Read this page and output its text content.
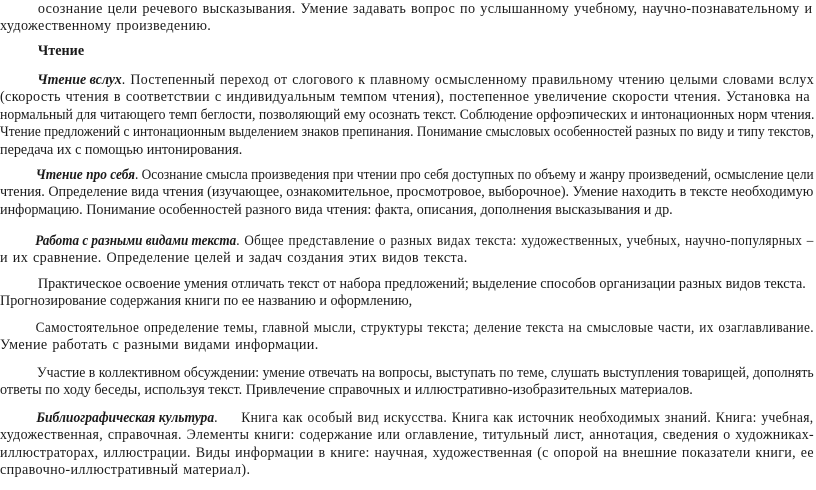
осознание цели речевого высказывания. Умение задавать вопрос по услышанному учебному, научно-познавательному и
художественному произведению.
Чтение
Чтение вслух. Постепенный переход от слогового к плавному осмысленному правильному чтению целыми словами вслух
(скорость чтения в соответствии с индивидуальным темпом чтения), постепенное увеличение скорости чтения. Установка на
нормальный для читающего темп беглости, позволяющий ему осознать текст. Соблюдение орфоэпических и интонационных норм чтения.
Чтение предложений с интонационным выделением знаков препинания. Понимание смысловых особенностей разных по виду и типу текстов,
передача их с помощью интонирования.
Чтение про себя. Осознание смысла произведения при чтении про себя доступных по объему и жанру произведений, осмысление цели
чтения. Определение вида чтения (изучающее, ознакомительное, просмотровое, выборочное). Умение находить в тексте необходимую
информацию. Понимание особенностей разного вида чтения: факта, описания, дополнения высказывания и др.
Работа с разными видами текста. Общее представление о разных видах текста: художественных, учебных, научно-популярных –
и их сравнение. Определение целей и задач создания этих видов текста.
Практическое освоение умения отличать текст от набора предложений; выделение способов организации разных видов текста.
Прогнозирование содержания книги по ее названию и оформлению,
Самостоятельное определение темы, главной мысли, структуры текста; деление текста на смысловые части, их озаглавливание.
Умение работать с разными видами информации.
Участие в коллективном обсуждении: умение отвечать на вопросы, выступать по теме, слушать выступления товарищей, дополнять
ответы по ходу беседы, используя текст. Привлечение справочных и иллюстративно-изобразительных материалов.
Библиографическая культура.     Книга как особый вид искусства. Книга как источник необходимых знаний. Книга: учебная,
художественная, справочная. Элементы книги: содержание или оглавление, титульный лист, аннотация, сведения о художниках-
иллюстраторах, иллюстрации. Виды информации в книге: научная, художественная (с опорой на внешние показатели книги, ее
справочно-иллюстративный материал).
